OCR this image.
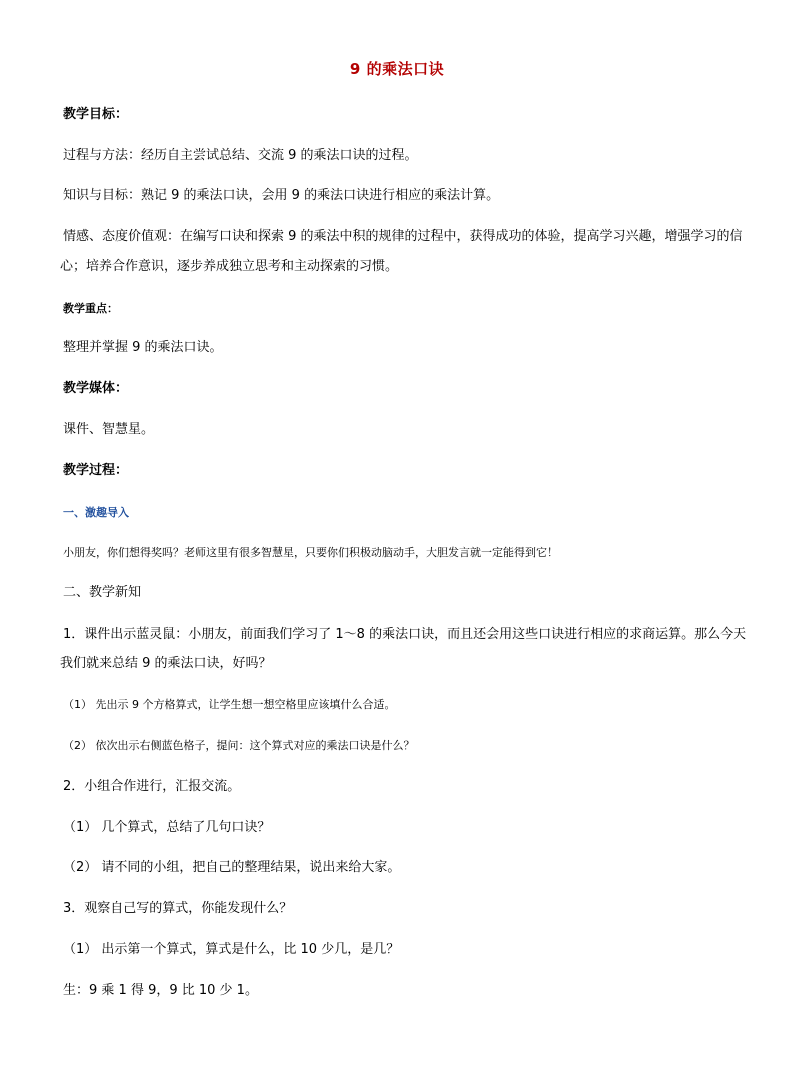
9 的乘法口诀
教学目标：
过程与方法：经历自主尝试总结、交流 9 的乘法口诀的过程。
知识与目标：熟记 9 的乘法口诀，会用 9 的乘法口诀进行相应的乘法计算。
情感、态度价值观：在编写口诀和探索 9 的乘法中积的规律的过程中，获得成功的体验，提高学习兴趣，增强学习的信
心；培养合作意识，逐步养成独立思考和主动探索的习惯。
教学重点：
整理并掌握 9 的乘法口诀。
教学媒体：
课件、智慧星。
教学过程：
一、激趣导入
小朋友，你们想得奖吗？老师这里有很多智慧星，只要你们积极动脑动手，大胆发言就一定能得到它！
二、教学新知
1．课件出示蓝灵鼠：小朋友，前面我们学习了 1～8 的乘法口诀，而且还会用这些口诀进行相应的求商运算。那么今天
我们就来总结 9 的乘法口诀，好吗？
（1） 先出示 9 个方格算式，让学生想一想空格里应该填什么合适。
（2） 依次出示右侧蓝色格子，提问：这个算式对应的乘法口诀是什么？
2．小组合作进行，汇报交流。
（1） 几个算式，总结了几句口诀？
（2） 请不同的小组，把自己的整理结果，说出来给大家。
3．观察自己写的算式，你能发现什么？
（1） 出示第一个算式，算式是什么，比 10 少几，是几？
生：9 乘 1 得 9，9 比 10 少 1。
